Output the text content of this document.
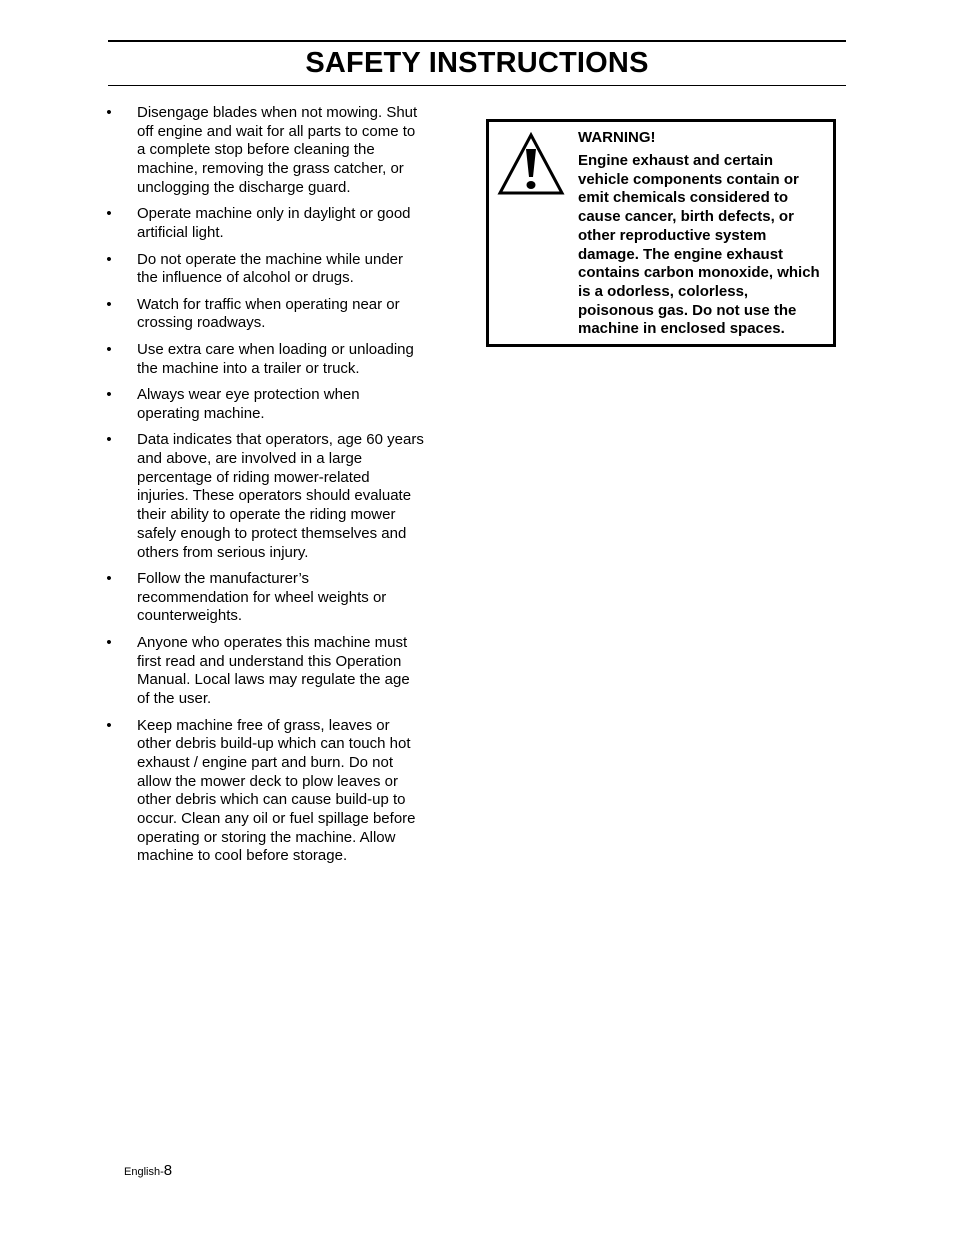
SAFETY INSTRUCTIONS
• Disengage blades when not mowing. Shut off engine and wait for all parts to come to a complete stop before cleaning the machine, removing the grass catcher, or unclogging the discharge guard.
• Operate machine only in daylight or good artificial light.
• Do not operate the machine while under the influence of alcohol or drugs.
• Watch for traffic when operating near or crossing roadways.
• Use extra care when loading or unloading the machine into a trailer or truck.
• Always wear eye protection when operating machine.
• Data indicates that operators, age 60 years and above, are involved in a large percentage of riding mower-related injuries. These operators should evaluate their ability to operate the riding mower safely enough to protect themselves and others from serious injury.
• Follow the manufacturer’s recommendation for wheel weights or counterweights.
• Anyone who operates this machine must first read and understand this Operation Manual. Local laws may regulate the age of the user.
• Keep machine free of grass, leaves or other debris build-up which can touch hot exhaust / engine part and burn. Do not allow the mower deck to plow leaves or other debris which can cause build-up to occur. Clean any oil or fuel spillage before operating or storing the machine. Allow machine to cool before storage.
WARNING!
Engine exhaust and certain vehicle components contain or emit chemicals considered to cause cancer, birth defects, or other reproductive system damage. The engine exhaust contains carbon monoxide, which is a odorless, colorless, poisonous gas. Do not use the machine in enclosed spaces.
English-8
